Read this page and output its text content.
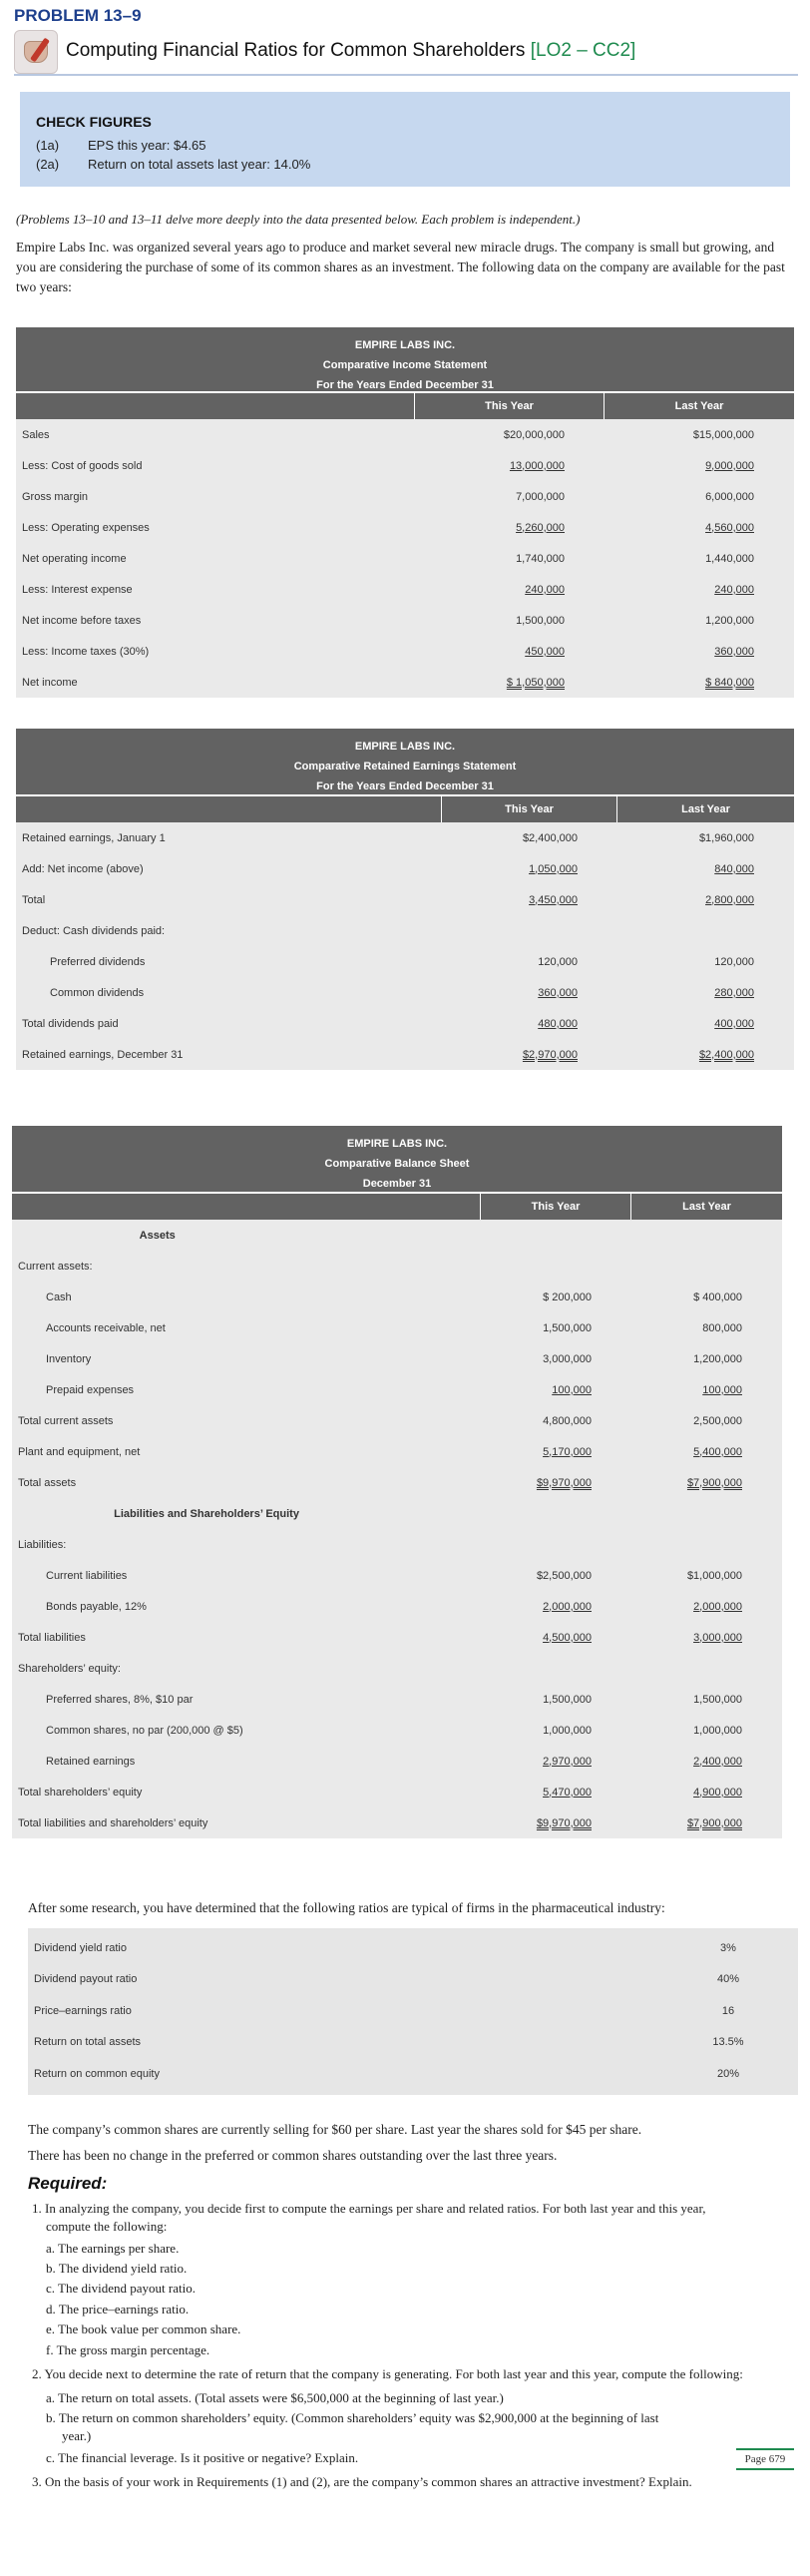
PROBLEM 13–9
Computing Financial Ratios for Common Shareholders [LO2 – CC2]
CHECK FIGURES
(1a)	EPS this year: $4.65
(2a)	Return on total assets last year: 14.0%
(Problems 13–10 and 13–11 delve more deeply into the data presented below. Each problem is independent.)
Empire Labs Inc. was organized several years ago to produce and market several new miracle drugs. The company is small but growing, and you are considering the purchase of some of its common shares as an investment. The following data on the company are available for the past two years:
EMPIRE LABS INC.
Comparative Income Statement
For the Years Ended December 31
This Year	Last Year
Sales	$20,000,000	$15,000,000
Less: Cost of goods sold	13,000,000	9,000,000
Gross margin	7,000,000	6,000,000
Less: Operating expenses	5,260,000	4,560,000
Net operating income	1,740,000	1,440,000
Less: Interest expense	240,000	240,000
Net income before taxes	1,500,000	1,200,000
Less: Income taxes (30%)	450,000	360,000
Net income	$ 1,050,000	$ 840,000
EMPIRE LABS INC.
Comparative Retained Earnings Statement
For the Years Ended December 31
This Year	Last Year
Retained earnings, January 1	$2,400,000	$1,960,000
Add: Net income (above)	1,050,000	840,000
Total	3,450,000	2,800,000
Deduct: Cash dividends paid:
Preferred dividends	120,000	120,000
Common dividends	360,000	280,000
Total dividends paid	480,000	400,000
Retained earnings, December 31	$2,970,000	$2,400,000
EMPIRE LABS INC.
Comparative Balance Sheet
December 31
This Year	Last Year
Assets
Current assets:
Cash	$ 200,000	$ 400,000
Accounts receivable, net	1,500,000	800,000
Inventory	3,000,000	1,200,000
Prepaid expenses	100,000	100,000
Total current assets	4,800,000	2,500,000
Plant and equipment, net	5,170,000	5,400,000
Total assets	$9,970,000	$7,900,000
Liabilities and Shareholders’ Equity
Liabilities:
Current liabilities	$2,500,000	$1,000,000
Bonds payable, 12%	2,000,000	2,000,000
Total liabilities	4,500,000	3,000,000
Shareholders’ equity:
Preferred shares, 8%, $10 par	1,500,000	1,500,000
Common shares, no par (200,000 @ $5)	1,000,000	1,000,000
Retained earnings	2,970,000	2,400,000
Total shareholders’ equity	5,470,000	4,900,000
Total liabilities and shareholders’ equity	$9,970,000	$7,900,000
After some research, you have determined that the following ratios are typical of firms in the pharmaceutical industry:
Dividend yield ratio	3%
Dividend payout ratio	40%
Price–earnings ratio	16
Return on total assets	13.5%
Return on common equity	20%
The company’s common shares are currently selling for $60 per share. Last year the shares sold for $45 per share.
There has been no change in the preferred or common shares outstanding over the last three years.
Required:
1. In analyzing the company, you decide first to compute the earnings per share and related ratios. For both last year and this year,
compute the following:
a. The earnings per share.
b. The dividend yield ratio.
c. The dividend payout ratio.
d. The price–earnings ratio.
e. The book value per common share.
f. The gross margin percentage.
2. You decide next to determine the rate of return that the company is generating. For both last year and this year, compute the following:
a. The return on total assets. (Total assets were $6,500,000 at the beginning of last year.)
b. The return on common shareholders’ equity. (Common shareholders’ equity was $2,900,000 at the beginning of last
year.)
c. The financial leverage. Is it positive or negative? Explain.	Page 679
3. On the basis of your work in Requirements (1) and (2), are the company’s common shares an attractive investment? Explain.
